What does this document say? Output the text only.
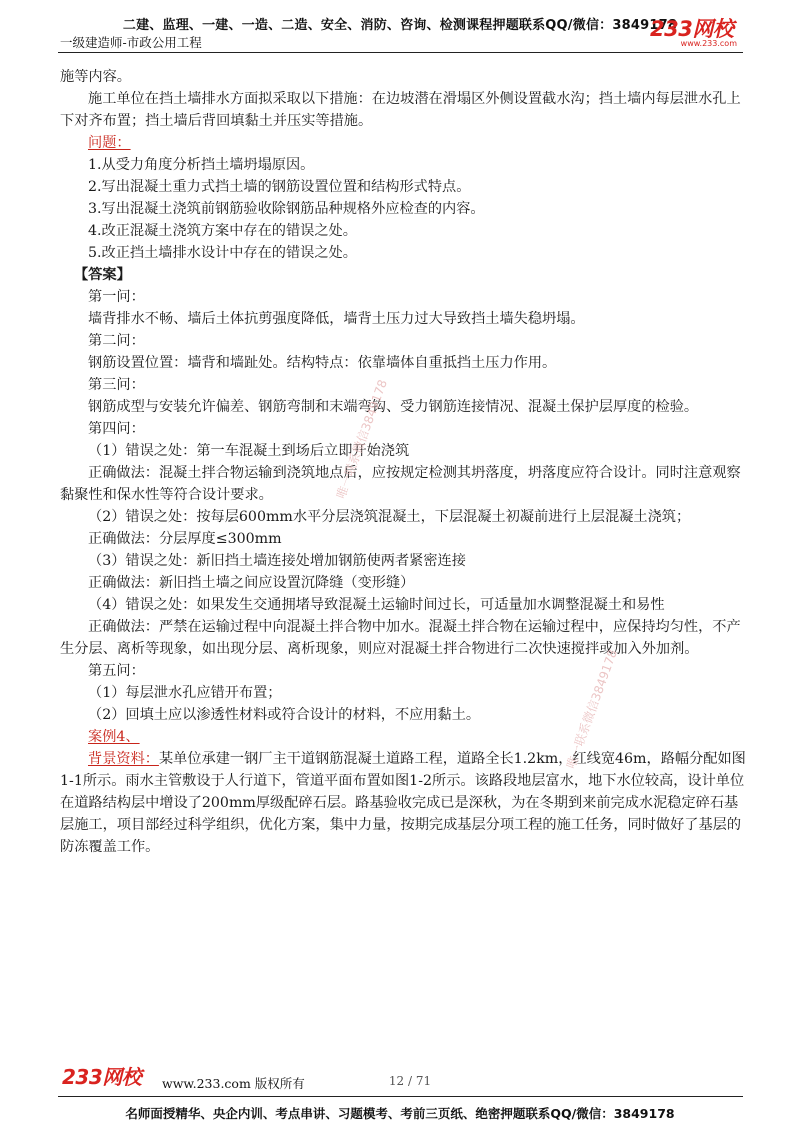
二建、监理、一建、一造、二造、安全、消防、咨询、检测课程押题联系QQ/微信：3849178
一级建造师-市政公用工程
233网校
www.233.com

施等内容。

施工单位在挡土墙排水方面拟采取以下措施：在边坡潜在滑塌区外侧设置截水沟；挡土墙内每层泄水孔上下对齐布置；挡土墙后背回填黏土并压实等措施。

问题：

1.从受力角度分析挡土墙坍塌原因。

2.写出混凝土重力式挡土墙的钢筋设置位置和结构形式特点。

3.写出混凝土浇筑前钢筋验收除钢筋品种规格外应检查的内容。

4.改正混凝土浇筑方案中存在的错误之处。

5.改正挡土墙排水设计中存在的错误之处。

【答案】

第一问：

墙背排水不畅、墙后土体抗剪强度降低，墙背土压力过大导致挡土墙失稳坍塌。

第二问：

钢筋设置位置：墙背和墙趾处。结构特点：依靠墙体自重抵挡土压力作用。

第三问：

钢筋成型与安装允许偏差、钢筋弯制和末端弯钩、受力钢筋连接情况、混凝土保护层厚度的检验。

第四问：

（1）错误之处：第一车混凝土到场后立即开始浇筑

正确做法：混凝土拌合物运输到浇筑地点后，应按规定检测其坍落度，坍落度应符合设计。同时注意观察黏聚性和保水性等符合设计要求。

（2）错误之处：按每层600mm水平分层浇筑混凝土，下层混凝土初凝前进行上层混凝土浇筑；

正确做法：分层厚度≤300mm

（3）错误之处：新旧挡土墙连接处增加钢筋使两者紧密连接

正确做法：新旧挡土墙之间应设置沉降缝（变形缝）

（4）错误之处：如果发生交通拥堵导致混凝土运输时间过长，可适量加水调整混凝土和易性

正确做法：严禁在运输过程中向混凝土拌合物中加水。混凝土拌合物在运输过程中，应保持均匀性，不产生分层、离析等现象，如出现分层、离析现象，则应对混凝土拌合物进行二次快速搅拌或加入外加剂。

第五问：

（1）每层泄水孔应错开布置；

（2）回填土应以渗透性材料或符合设计的材料，不应用黏土。

案例4、

背景资料：某单位承建一钢厂主干道钢筋混凝土道路工程，道路全长1.2km，红线宽46m，路幅分配如图1-1所示。雨水主管敷设于人行道下，管道平面布置如图1-2所示。该路段地层富水，地下水位较高，设计单位在道路结构层中增设了200mm厚级配碎石层。路基验收完成已是深秋，为在冬期到来前完成水泥稳定碎石基层施工，项目部经过科学组织，优化方案，集中力量，按期完成基层分项工程的施工任务，同时做好了基层的防冻覆盖工作。

唯一联系微信3849178
唯一联系微信3849178
233网校	www.233.com 版权所有	12 / 71
名师面授精华、央企内训、考点串讲、习题模考、考前三页纸、绝密押题联系QQ/微信：3849178
